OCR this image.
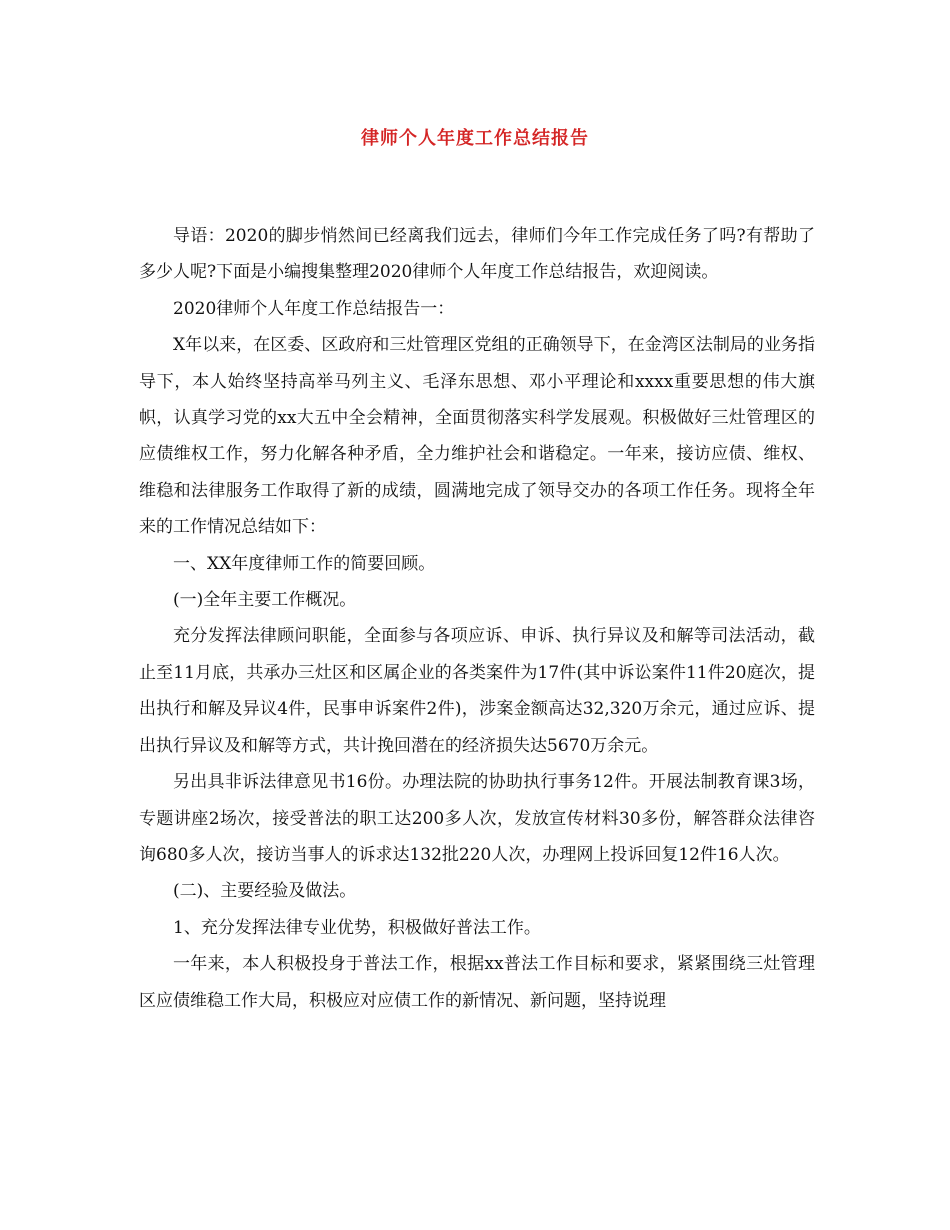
律师个人年度工作总结报告

导语：2020的脚步悄然间已经离我们远去，律师们今年工作完成任务了吗?有帮助了多少人呢?下面是小编搜集整理2020律师个人年度工作总结报告，欢迎阅读。

2020律师个人年度工作总结报告一：

X年以来，在区委、区政府和三灶管理区党组的正确领导下，在金湾区法制局的业务指导下，本人始终坚持高举马列主义、毛泽东思想、邓小平理论和xxxx重要思想的伟大旗帜，认真学习党的xx大五中全会精神，全面贯彻落实科学发展观。积极做好三灶管理区的应债维权工作，努力化解各种矛盾，全力维护社会和谐稳定。一年来，接访应债、维权、维稳和法律服务工作取得了新的成绩，圆满地完成了领导交办的各项工作任务。现将全年来的工作情况总结如下：

一、XX年度律师工作的简要回顾。

(一)全年主要工作概况。

充分发挥法律顾问职能，全面参与各项应诉、申诉、执行异议及和解等司法活动，截止至11月底，共承办三灶区和区属企业的各类案件为17件(其中诉讼案件11件20庭次，提出执行和解及异议4件，民事申诉案件2件)，涉案金额高达32,320万余元，通过应诉、提出执行异议及和解等方式，共计挽回潜在的经济损失达5670万余元。

另出具非诉法律意见书16份。办理法院的协助执行事务12件。开展法制教育课3场，专题讲座2场次，接受普法的职工达200多人次，发放宣传材料30多份，解答群众法律咨询680多人次，接访当事人的诉求达132批220人次，办理网上投诉回复12件16人次。

(二)、主要经验及做法。

1、充分发挥法律专业优势，积极做好普法工作。

一年来，本人积极投身于普法工作，根据xx普法工作目标和要求，紧紧围绕三灶管理区应债维稳工作大局，积极应对应债工作的新情况、新问题，坚持说理
